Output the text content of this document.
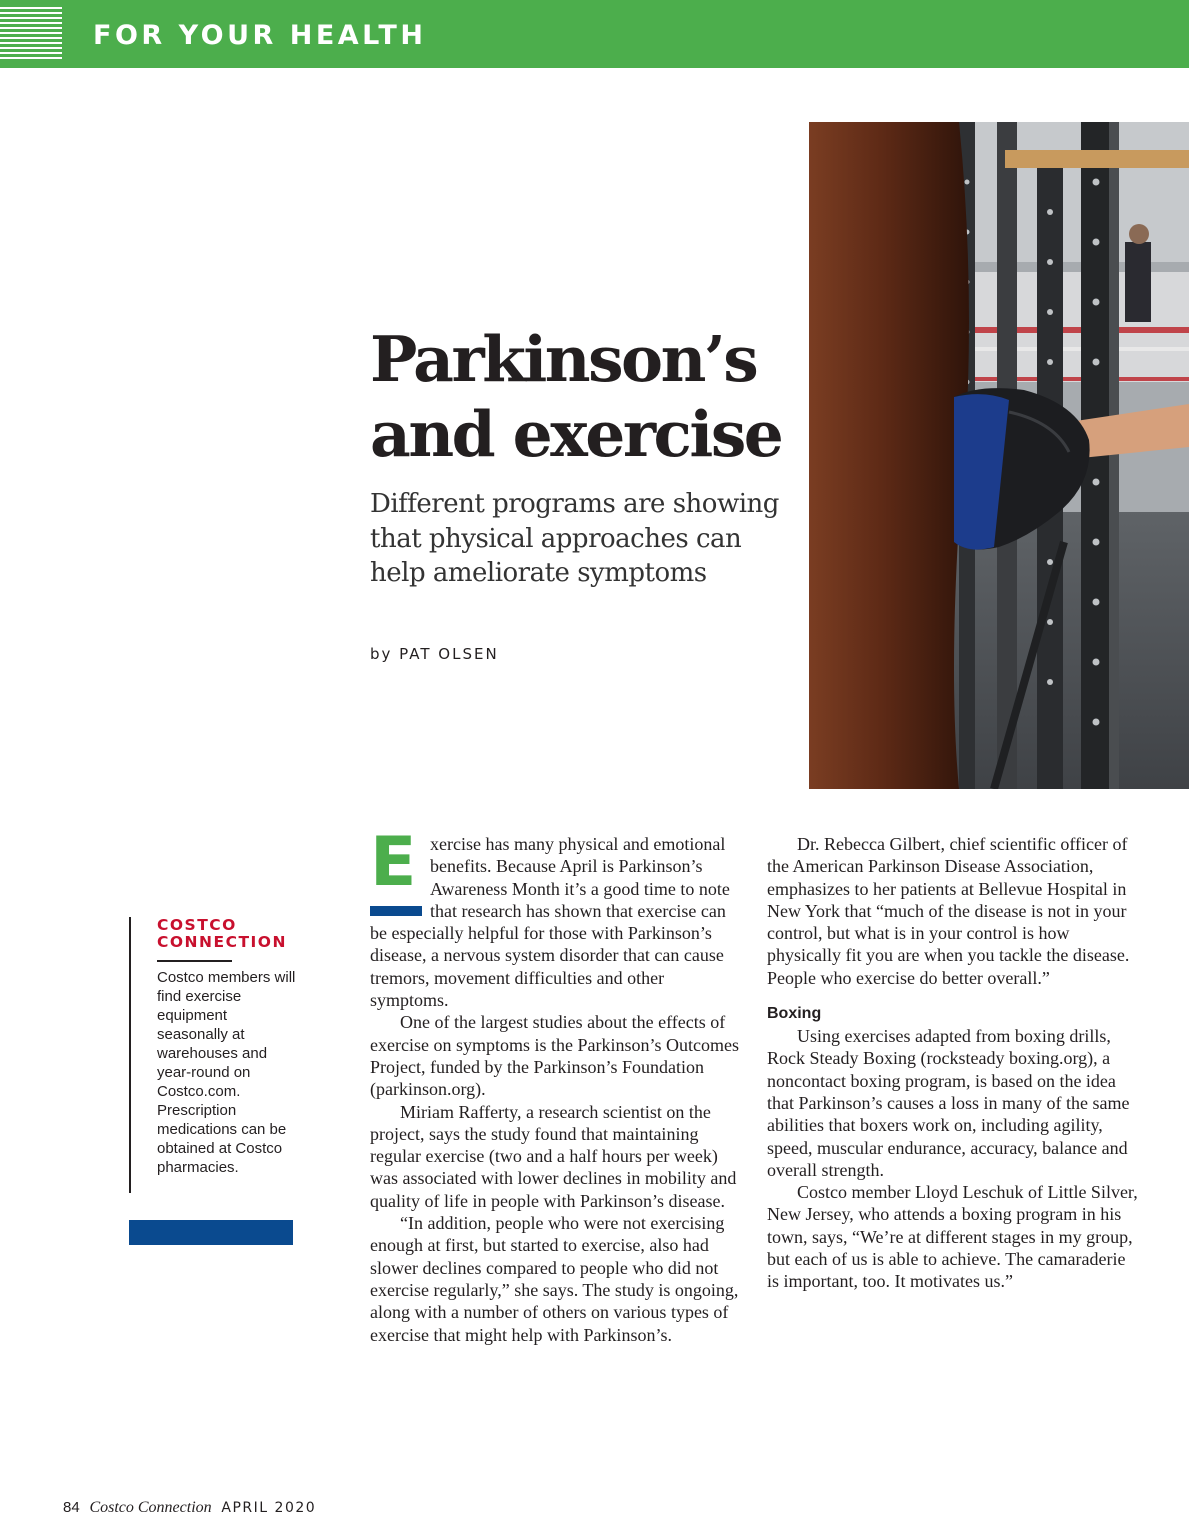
FOR YOUR HEALTH
Parkinson’s
and exercise
Different programs are showing that physical approaches can help ameliorate symptoms
by PAT OLSEN
COSTCO
CONNECTION
Costco members will find exercise equipment seasonally at warehouses and year-round on Costco.com. Prescription medications can be obtained at Costco pharmacies.
E xercise has many physical and emotional benefits. Because April is Parkinson’s Awareness Month it’s a good time to note that research has shown that exercise can be especially helpful for those with Parkinson’s disease, a nervous system disorder that can cause tremors, movement difficulties and other symptoms.

One of the largest studies about the effects of exercise on symptoms is the Parkinson’s Outcomes Project, funded by the Parkinson’s Foundation (parkinson.org).

Miriam Rafferty, a research scientist on the project, says the study found that maintaining regular exercise (two and a half hours per week) was associated with lower declines in mobility and quality of life in people with Parkinson’s disease.

“In addition, people who were not exercising enough at first, but started to exercise, also had slower declines compared to people who did not exercise regularly,” she says. The study is ongoing, along with a number of others on various types of exercise that might help with Parkinson’s.

Dr. Rebecca Gilbert, chief scientific officer of the American Parkinson Disease Association, emphasizes to her patients at Bellevue Hospital in New York that “much of the disease is not in your control, but what is in your control is how physically fit you are when you tackle the disease. People who exercise do better overall.”

Boxing

Using exercises adapted from boxing drills, Rock Steady Boxing (rocksteady boxing.org), a noncontact boxing program, is based on the idea that Parkinson’s causes a loss in many of the same abilities that boxers work on, including agility, speed, muscular endurance, accuracy, balance and overall strength.

Costco member Lloyd Leschuk of Little Silver, New Jersey, who attends a boxing program in his town, says, “We’re at different stages in my group, but each of us is able to achieve. The camaraderie is important, too. It motivates us.”

84 Costco Connection APRIL 2020
